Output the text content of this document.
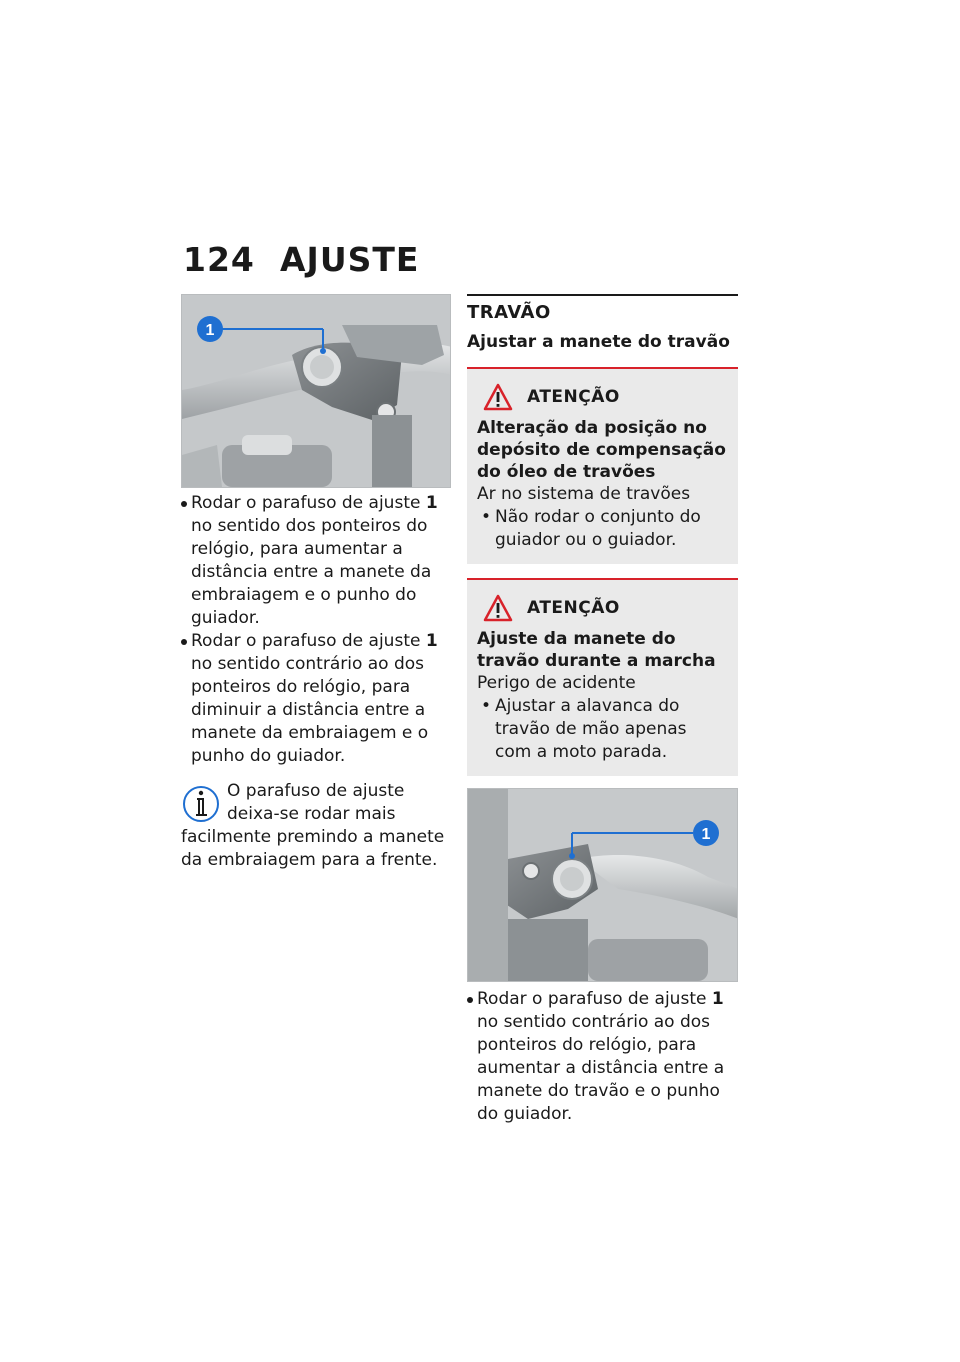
124 AJUSTE
1
Rodar o parafuso de ajuste 1 no sentido dos ponteiros do relógio, para aumentar a distância entre a manete da embraiagem e o punho do guiador.
Rodar o parafuso de ajuste 1 no sentido contrário ao dos ponteiros do relógio, para diminuir a distância entre a manete da embraiagem e o punho do guiador.
O parafuso de ajuste deixa-se rodar mais facilmente premindo a manete da embraiagem para a frente.
TRAVÃO
Ajustar a manete do travão
ATENÇÃO
Alteração da posição no depósito de compensação do óleo de travões
Ar no sistema de travões
• Não rodar o conjunto do guiador ou o guiador.
ATENÇÃO
Ajuste da manete do travão durante a marcha
Perigo de acidente
• Ajustar a alavanca do travão de mão apenas com a moto parada.
1
Rodar o parafuso de ajuste 1 no sentido contrário ao dos ponteiros do relógio, para aumentar a distância entre a manete do travão e o punho do guiador.
